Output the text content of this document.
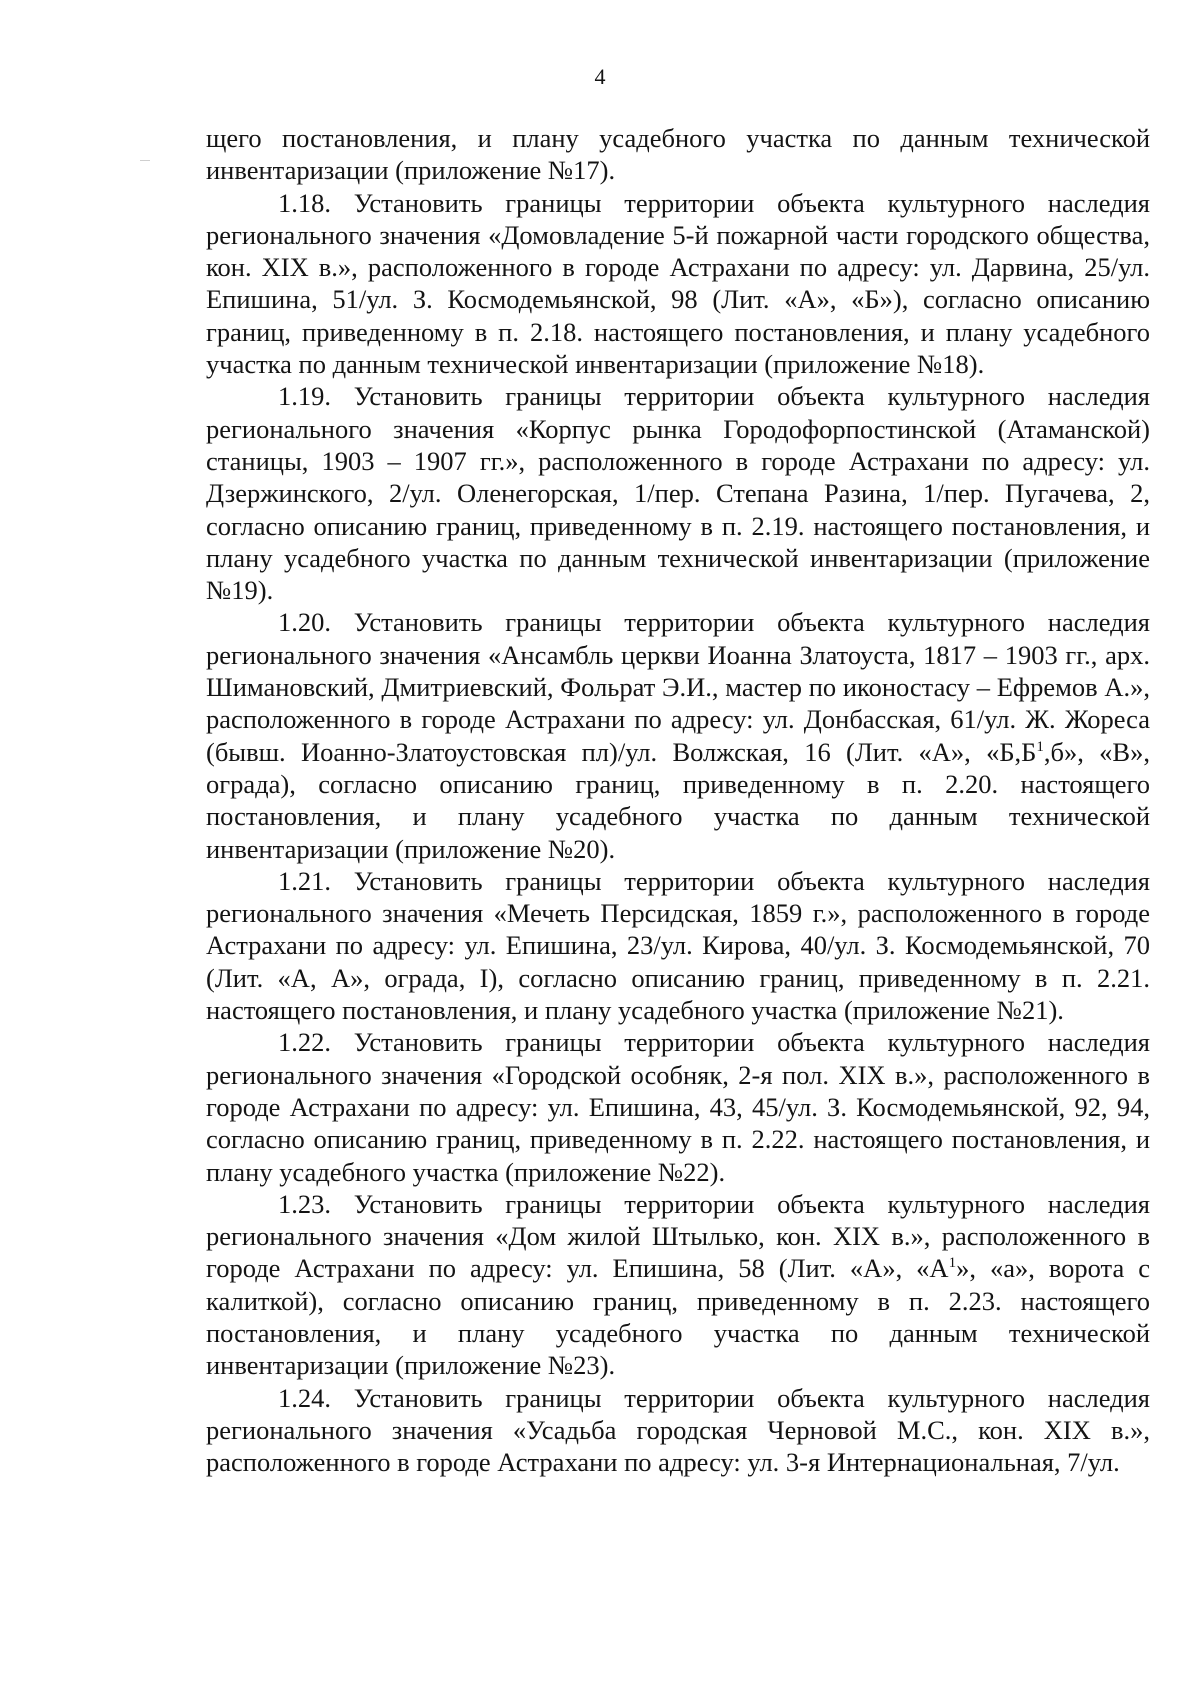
4

щего постановления, и плану усадебного участка по данным технической инвентаризации (приложение №17).

1.18. Установить границы территории объекта культурного наследия регионального значения «Домовладение 5-й пожарной части городского общества, кон. XIX в.», расположенного в городе Астрахани по адресу: ул. Дарвина, 25/ул. Епишина, 51/ул. З. Космодемьянской, 98 (Лит. «А», «Б»), согласно описанию границ, приведенному в п. 2.18. настоящего постановления, и плану усадебного участка по данным технической инвентаризации (приложение №18).

1.19. Установить границы территории объекта культурного наследия регионального значения «Корпус рынка Городофорпостинской (Атаманской) станицы, 1903 – 1907 гг.», расположенного в городе Астрахани по адресу: ул. Дзержинского, 2/ул. Оленегорская, 1/пер. Степана Разина, 1/пер. Пугачева, 2, согласно описанию границ, приведенному в п. 2.19. настоящего постановления, и плану усадебного участка по данным технической инвентаризации (приложение №19).

1.20. Установить границы территории объекта культурного наследия регионального значения «Ансамбль церкви Иоанна Златоуста, 1817 – 1903 гг., арх. Шимановский, Дмитриевский, Фольрат Э.И., мастер по иконостасу – Ефремов А.», расположенного в городе Астрахани по адресу: ул. Донбасская, 61/ул. Ж. Жореса (бывш. Иоанно-Златоустовская пл)/ул. Волжская, 16 (Лит. «А», «$Б,Б^1,б$», «В», ограда), согласно описанию границ, приведенному в п. 2.20. настоящего постановления, и плану усадебного участка по данным технической инвентаризации (приложение №20).

1.21. Установить границы территории объекта культурного наследия регионального значения «Мечеть Персидская, 1859 г.», расположенного в городе Астрахани по адресу: ул. Епишина, 23/ул. Кирова, 40/ул. З. Космодемьянской, 70 (Лит. «А, А», ограда, I), согласно описанию границ, приведенному в п. 2.21. настоящего постановления, и плану усадебного участка (приложение №21).

1.22. Установить границы территории объекта культурного наследия регионального значения «Городской особняк, 2-я пол. XIX в.», расположенного в городе Астрахани по адресу: ул. Епишина, 43, 45/ул. З. Космодемьянской, 92, 94, согласно описанию границ, приведенному в п. 2.22. настоящего постановления, и плану усадебного участка (приложение №22).

1.23. Установить границы территории объекта культурного наследия регионального значения «Дом жилой Штылько, кон. XIX в.», расположенного в городе Астрахани по адресу: ул. Епишина, 58 (Лит. «А», «$А^1$», «а», ворота с калиткой), согласно описанию границ, приведенному в п. 2.23. настоящего постановления, и плану усадебного участка по данным технической инвентаризации (приложение №23).

1.24. Установить границы территории объекта культурного наследия регионального значения «Усадьба городская Черновой М.С., кон. XIX в.», расположенного в городе Астрахани по адресу: ул. 3-я Интернациональная, 7/ул.
